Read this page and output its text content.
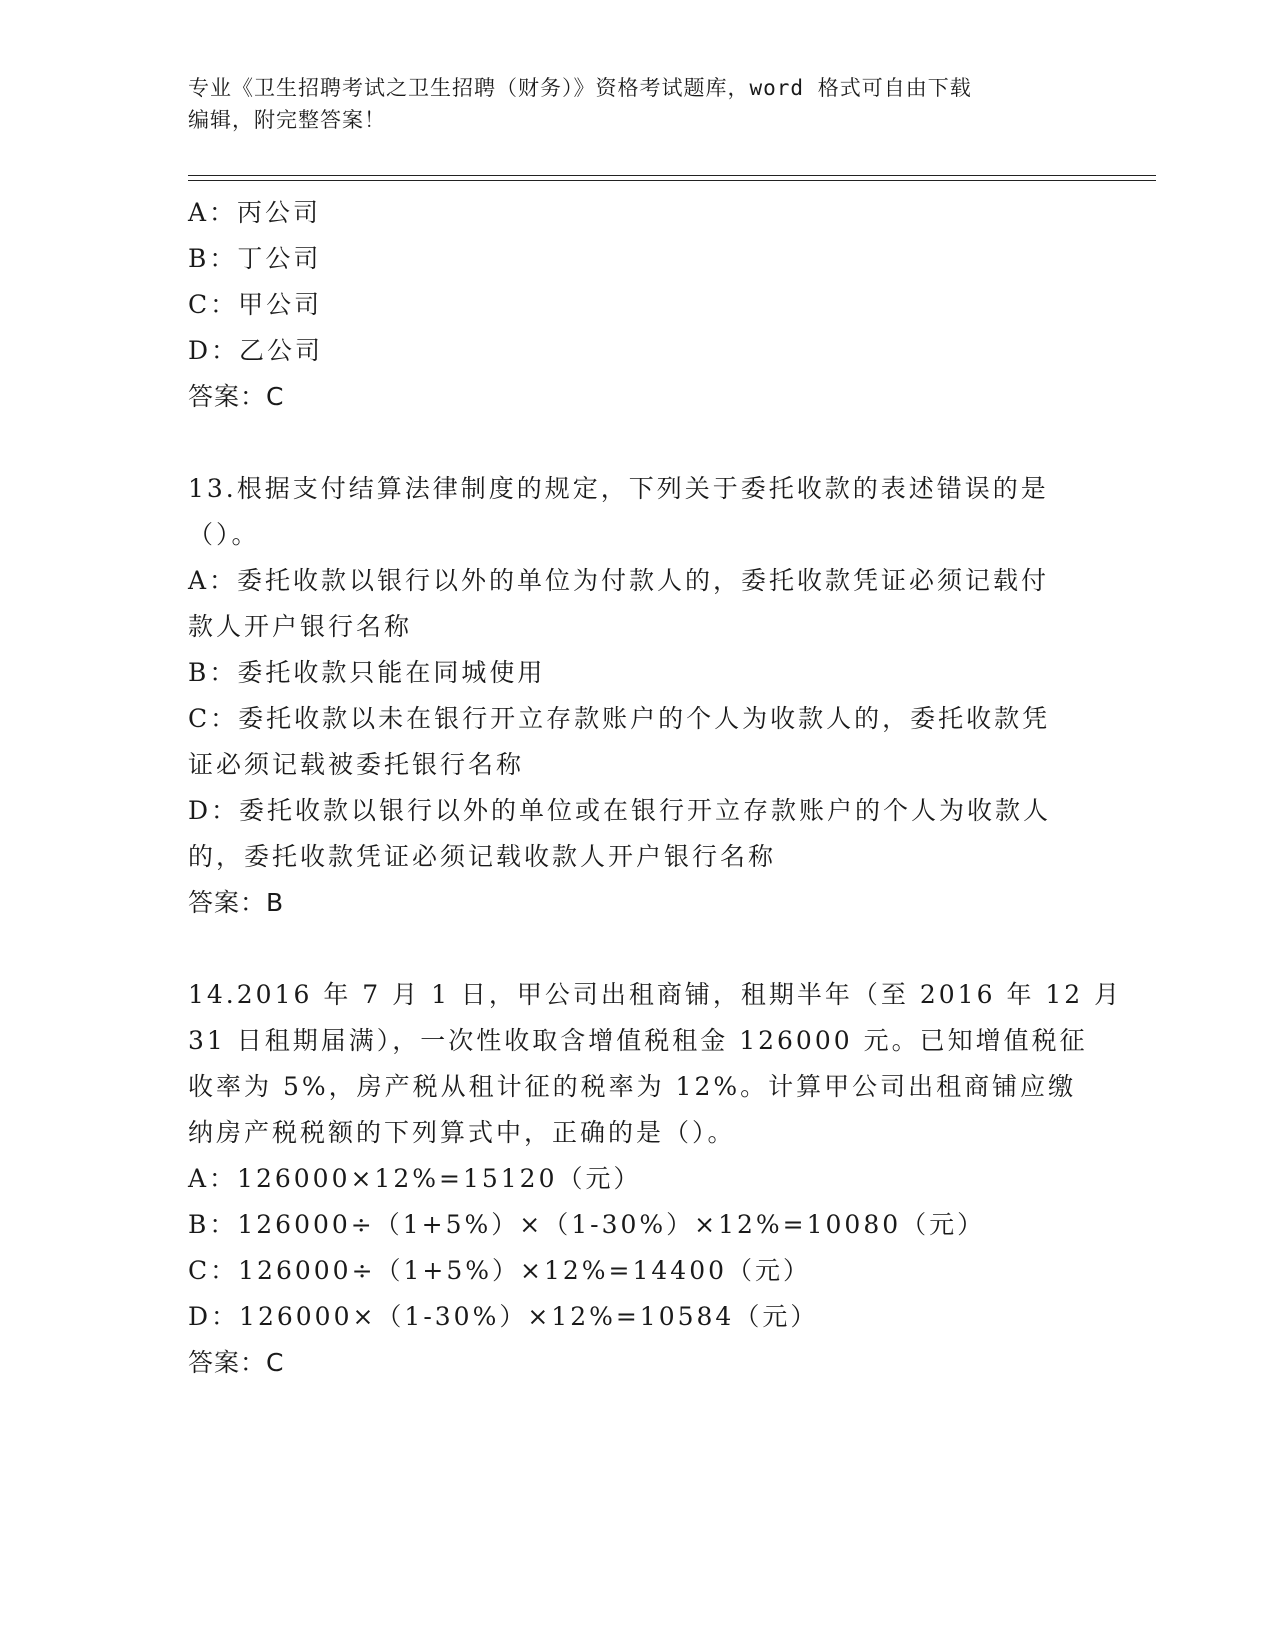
专业《卫生招聘考试之卫生招聘（财务）》资格考试题库，word 格式可自由下载
编辑，附完整答案！
A：丙公司
B：丁公司
C：甲公司
D：乙公司
答案：C
13.根据支付结算法律制度的规定，下列关于委托收款的表述错误的是
（）。
A：委托收款以银行以外的单位为付款人的，委托收款凭证必须记载付
款人开户银行名称
B：委托收款只能在同城使用
C：委托收款以未在银行开立存款账户的个人为收款人的，委托收款凭
证必须记载被委托银行名称
D：委托收款以银行以外的单位或在银行开立存款账户的个人为收款人
的，委托收款凭证必须记载收款人开户银行名称
答案：B
14.2016 年 7 月 1 日，甲公司出租商铺，租期半年（至 2016 年 12 月
31 日租期届满），一次性收取含增值税租金 126000 元。已知增值税征
收率为 5%，房产税从租计征的税率为 12%。计算甲公司出租商铺应缴
纳房产税税额的下列算式中，正确的是（）。
A：126000×12%=15120（元）
B：126000÷（1+5%）×（1-30%）×12%=10080（元）
C：126000÷（1+5%）×12%=14400（元）
D：126000×（1-30%）×12%=10584（元）
答案：C
